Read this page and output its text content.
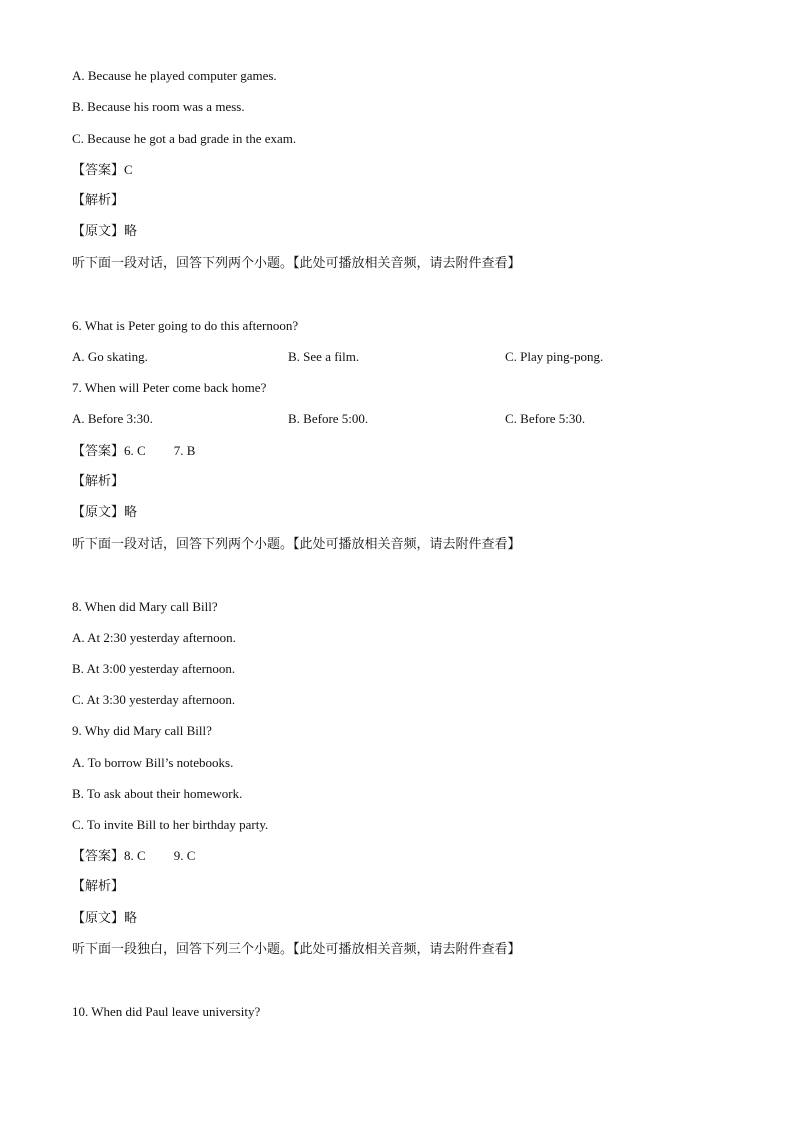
A. Because he played computer games.
B. Because his room was a mess.
C. Because he got a bad grade in the exam.
【答案】C
【解析】
【原文】略
听下面一段对话，回答下列两个小题。【此处可播放相关音频，请去附件查看】
6. What is Peter going to do this afternoon?
A. Go skating.	B. See a film.	C. Play ping-pong.
7. When will Peter come back home?
A. Before 3:30.	B. Before 5:00.	C. Before 5:30.
【答案】6. C 7. B
【解析】
【原文】略
听下面一段对话，回答下列两个小题。【此处可播放相关音频，请去附件查看】
8. When did Mary call Bill?
A. At 2:30 yesterday afternoon.
B. At 3:00 yesterday afternoon.
C. At 3:30 yesterday afternoon.
9. Why did Mary call Bill?
A. To borrow Bill’s notebooks.
B. To ask about their homework.
C. To invite Bill to her birthday party.
【答案】8. C 9. C
【解析】
【原文】略
听下面一段独白，回答下列三个小题。【此处可播放相关音频，请去附件查看】
10. When did Paul leave university?
